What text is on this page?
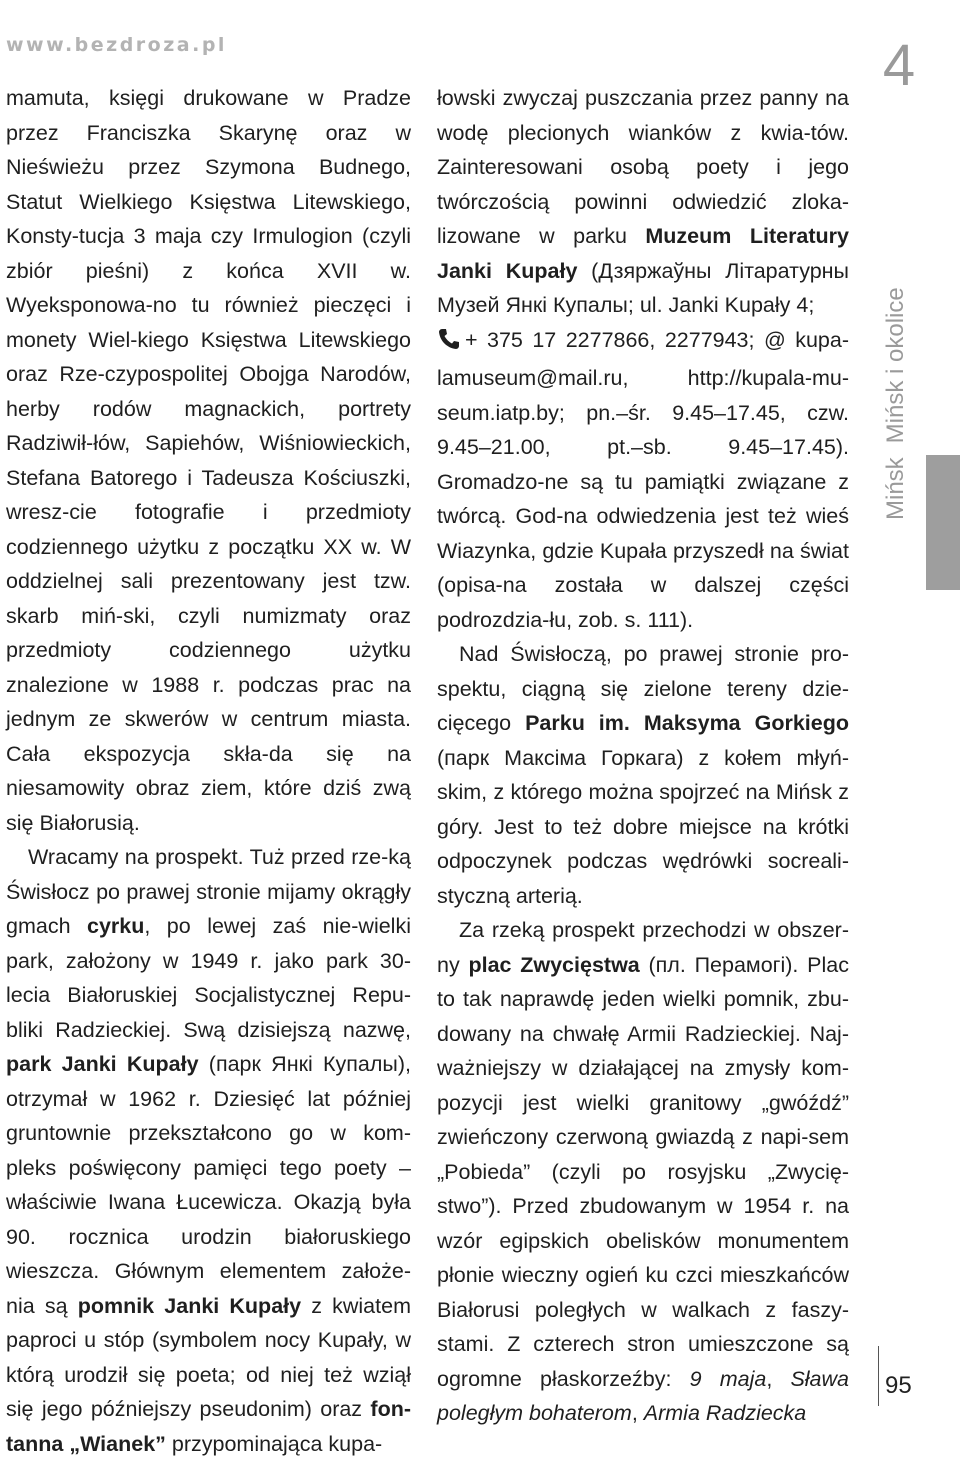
www.bezdroza.pl

mamuta, księgi drukowane w Pradze przez Franciszka Skarynę oraz w Nieświeżu przez Szymona Budnego, Statut Wielkiego Księstwa Litewskiego, Konsty-tucja 3 maja czy Irmulogion (czyli zbiór pieśni) z końca XVII w. Wyeksponowa-no tu również pieczęci i monety Wiel-kiego Księstwa Litewskiego oraz Rze-czypospolitej Obojga Narodów, herby rodów magnackich, portrety Radziwił-łów, Sapiehów, Wiśniowieckich, Stefana Batorego i Tadeusza Kościuszki, wresz-cie fotografie i przedmioty codziennego użytku z początku XX w. W oddzielnej sali prezentowany jest tzw. skarb miń-ski, czyli numizmaty oraz przedmioty codziennego użytku znalezione w 1988 r. podczas prac na jednym ze skwerów w centrum miasta. Cała ekspozycja skła-da się na niesamowity obraz ziem, które dziś zwą się Białorusią.

Wracamy na prospekt. Tuż przed rze-ką Świsłocz po prawej stronie mijamy okrągły gmach cyrku, po lewej zaś nie-wielki park, założony w 1949 r. jako park 30-lecia Białoruskiej Socjalistycznej Repu-bliki Radzieckiej. Swą dzisiejszą nazwę, park Janki Kupały (парк Янкі Купалы), otrzymał w 1962 r. Dziesięć lat później gruntownie przekształcono go w kom-pleks poświęcony pamięci tego poety – właściwie Iwana Łucewicza. Okazją była 90. rocznica urodzin białoruskiego wieszcza. Głównym elementem założe-nia są pomnik Janki Kupały z kwiatem paproci u stóp (symbolem nocy Kupały, w którą urodził się poeta; od niej też wziął się jego późniejszy pseudonim) oraz fon-tanna „Wianek” przypominająca kupa-

łowski zwyczaj puszczania przez panny na wodę plecionych wianków z kwia-tów. Zainteresowani osobą poety i jego twórczością powinni odwiedzić zloka-lizowane w parku Muzeum Literatury Janki Kupały (Дзяржаўны Літаратурны Музей Янкі Купалы; ul. Janki Kupały 4;
+ 375 17 2277866, 2277943; @ kupa-lamuseum@mail.ru, http://kupala-mu-seum.iatp.by; pn.–śr. 9.45–17.45, czw. 9.45–21.00, pt.–sb. 9.45–17.45). Gromadzo-ne są tu pamiątki związane z twórcą. God-na odwiedzenia jest też wieś Wiazynka, gdzie Kupała przyszedł na świat (opisa-na została w dalszej części podrozdzia-łu, zob. s. 111).

Nad Świsłoczą, po prawej stronie pro-spektu, ciągną się zielone tereny dzie-cięcego Parku im. Maksyma Gorkiego (парк Максіма Горкага) z kołem młyń-skim, z którego można spojrzeć na Mińsk z góry. Jest to też dobre miejsce na krótki odpoczynek podczas wędrówki socreali-styczną arterią.

Za rzeką prospekt przechodzi w obszer-ny plac Zwycięstwa (пл. Перамогі). Plac to tak naprawdę jeden wielki pomnik, zbu-dowany na chwałę Armii Radzieckiej. Naj-ważniejszy w działającej na zmysły kom-pozycji jest wielki granitowy „gwóźdź” zwieńczony czerwoną gwiazdą z napi-sem „Pobieda” (czyli po rosyjsku „Zwycię-stwo”). Przed zbudowanym w 1954 r. na wzór egipskich obelisków monumentem płonie wieczny ogień ku czci mieszkańców Białorusi poległych w walkach z faszy-stami. Z czterech stron umieszczone są ogromne płaskorzeźby: 9 maja, Sława poległym bohaterom, Armia Radziecka

4
MińskMińsk i okolice
95
